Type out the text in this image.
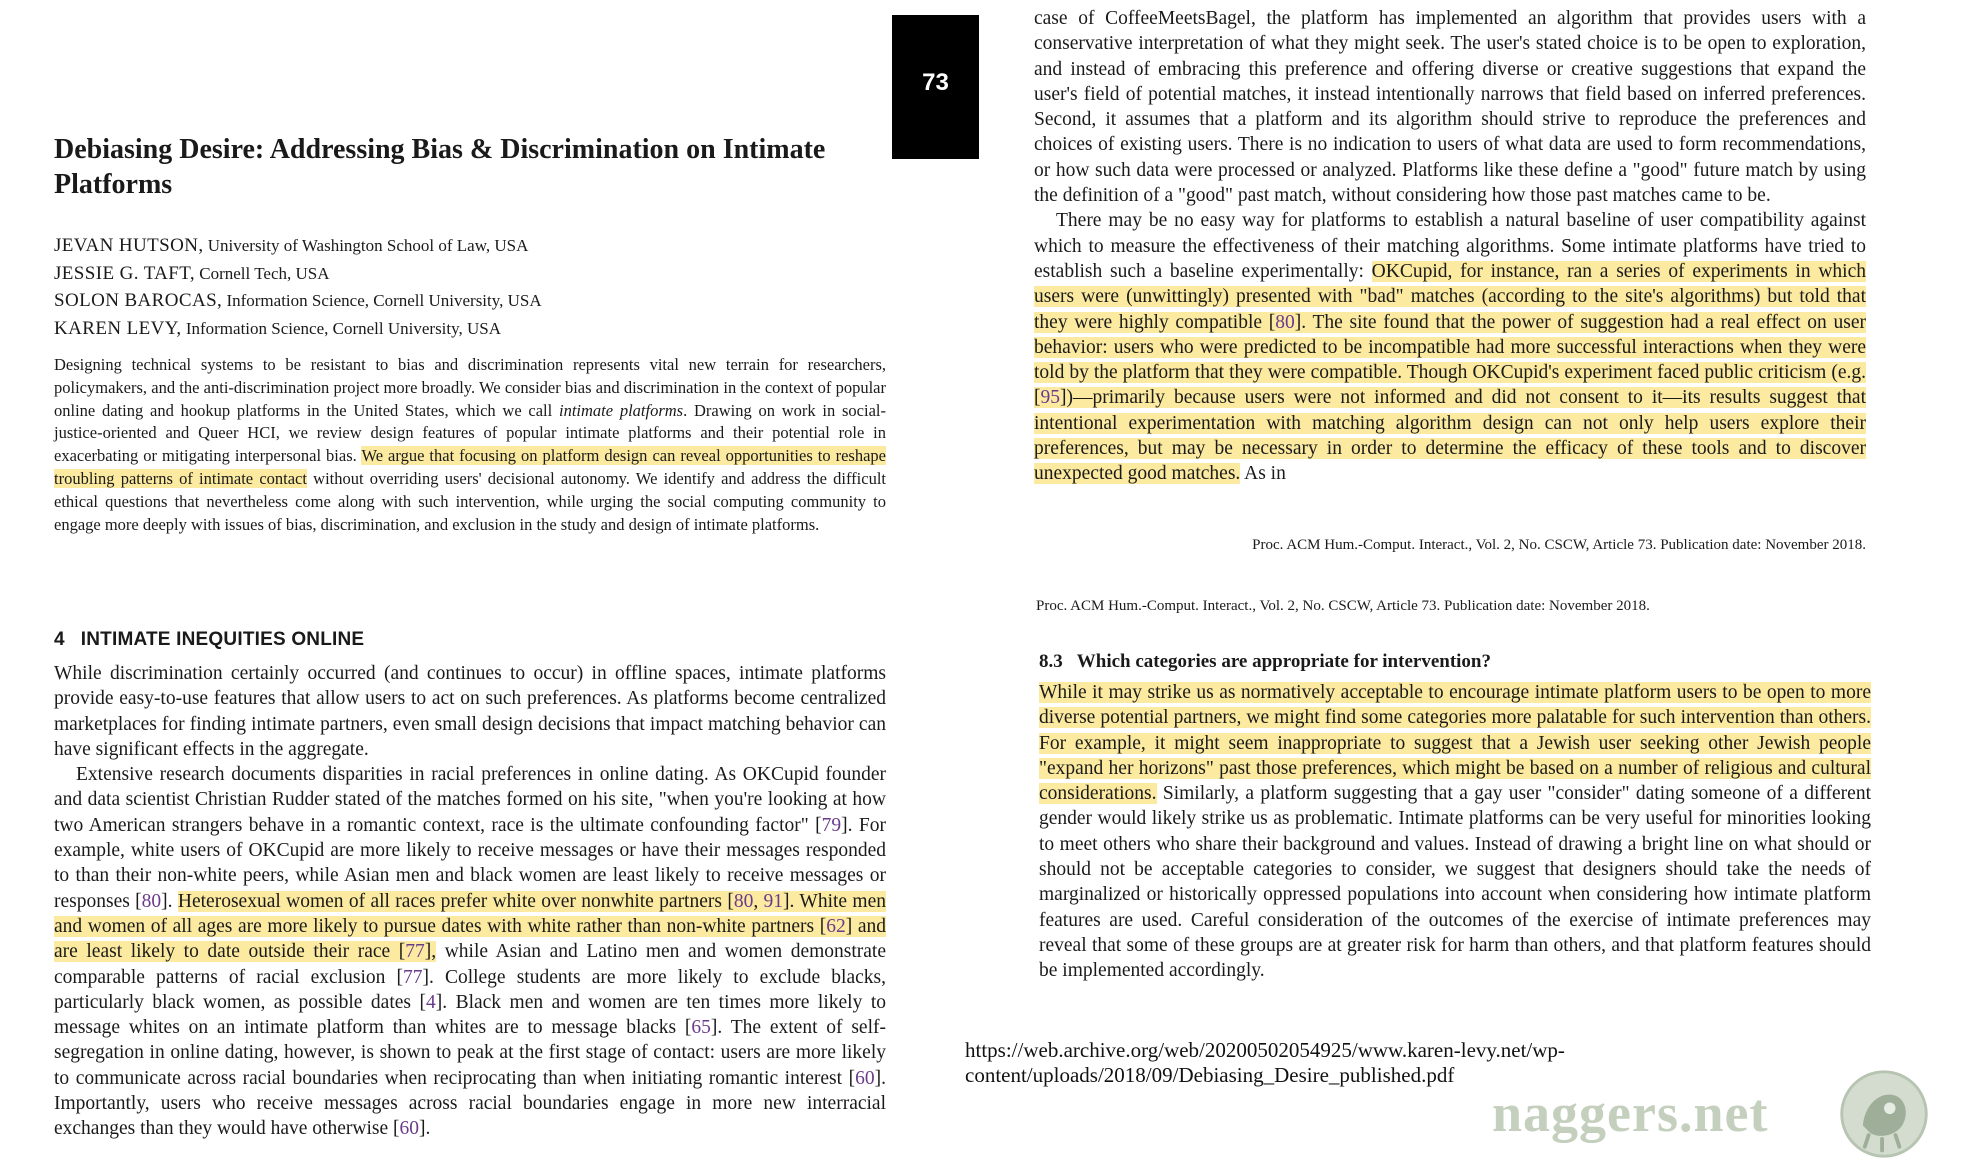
73
Debiasing Desire: Addressing Bias & Discrimination on Intimate Platforms
JEVAN HUTSON, University of Washington School of Law, USA
JESSIE G. TAFT, Cornell Tech, USA
SOLON BAROCAS, Information Science, Cornell University, USA
KAREN LEVY, Information Science, Cornell University, USA
Designing technical systems to be resistant to bias and discrimination represents vital new terrain for researchers, policymakers, and the anti-discrimination project more broadly. We consider bias and discrimination in the context of popular online dating and hookup platforms in the United States, which we call intimate platforms. Drawing on work in social-justice-oriented and Queer HCI, we review design features of popular intimate platforms and their potential role in exacerbating or mitigating interpersonal bias. We argue that focusing on platform design can reveal opportunities to reshape troubling patterns of intimate contact without overriding users' decisional autonomy. We identify and address the difficult ethical questions that nevertheless come along with such intervention, while urging the social computing community to engage more deeply with issues of bias, discrimination, and exclusion in the study and design of intimate platforms.
4 INTIMATE INEQUITIES ONLINE
While discrimination certainly occurred (and continues to occur) in offline spaces, intimate platforms provide easy-to-use features that allow users to act on such preferences. As platforms become centralized marketplaces for finding intimate partners, even small design decisions that impact matching behavior can have significant effects in the aggregate.
Extensive research documents disparities in racial preferences in online dating. As OKCupid founder and data scientist Christian Rudder stated of the matches formed on his site, "when you're looking at how two American strangers behave in a romantic context, race is the ultimate confounding factor" [79]. For example, white users of OKCupid are more likely to receive messages or have their messages responded to than their non-white peers, while Asian men and black women are least likely to receive messages or responses [80]. Heterosexual women of all races prefer white over nonwhite partners [80, 91]. White men and women of all ages are more likely to pursue dates with white rather than non-white partners [62] and are least likely to date outside their race [77], while Asian and Latino men and women demonstrate comparable patterns of racial exclusion [77]. College students are more likely to exclude blacks, particularly black women, as possible dates [4]. Black men and women are ten times more likely to message whites on an intimate platform than whites are to message blacks [65]. The extent of self-segregation in online dating, however, is shown to peak at the first stage of contact: users are more likely to communicate across racial boundaries when reciprocating than when initiating romantic interest [60]. Importantly, users who receive messages across racial boundaries engage in more new interracial exchanges than they would have otherwise [60].
case of CoffeeMeetsBagel, the platform has implemented an algorithm that provides users with a conservative interpretation of what they might seek. The user's stated choice is to be open to exploration, and instead of embracing this preference and offering diverse or creative suggestions that expand the user's field of potential matches, it instead intentionally narrows that field based on inferred preferences. Second, it assumes that a platform and its algorithm should strive to reproduce the preferences and choices of existing users. There is no indication to users of what data are used to form recommendations, or how such data were processed or analyzed. Platforms like these define a "good" future match by using the definition of a "good" past match, without considering how those past matches came to be.
There may be no easy way for platforms to establish a natural baseline of user compatibility against which to measure the effectiveness of their matching algorithms. Some intimate platforms have tried to establish such a baseline experimentally: OKCupid, for instance, ran a series of experiments in which users were (unwittingly) presented with "bad" matches (according to the site's algorithms) but told that they were highly compatible [80]. The site found that the power of suggestion had a real effect on user behavior: users who were predicted to be incompatible had more successful interactions when they were told by the platform that they were compatible. Though OKCupid's experiment faced public criticism (e.g. [95])—primarily because users were not informed and did not consent to it—its results suggest that intentional experimentation with matching algorithm design can not only help users explore their preferences, but may be necessary in order to determine the efficacy of these tools and to discover unexpected good matches. As in
Proc. ACM Hum.-Comput. Interact., Vol. 2, No. CSCW, Article 73. Publication date: November 2018.
Proc. ACM Hum.-Comput. Interact., Vol. 2, No. CSCW, Article 73. Publication date: November 2018.
8.3 Which categories are appropriate for intervention?
While it may strike us as normatively acceptable to encourage intimate platform users to be open to more diverse potential partners, we might find some categories more palatable for such intervention than others. For example, it might seem inappropriate to suggest that a Jewish user seeking other Jewish people "expand her horizons" past those preferences, which might be based on a number of religious and cultural considerations. Similarly, a platform suggesting that a gay user "consider" dating someone of a different gender would likely strike us as problematic. Intimate platforms can be very useful for minorities looking to meet others who share their background and values. Instead of drawing a bright line on what should or should not be acceptable categories to consider, we suggest that designers should take the needs of marginalized or historically oppressed populations into account when considering how intimate platform features are used. Careful consideration of the outcomes of the exercise of intimate preferences may reveal that some of these groups are at greater risk for harm than others, and that platform features should be implemented accordingly.
https://web.archive.org/web/20200502054925/www.karen-levy.net/wp-content/uploads/2018/09/Debiasing_Desire_published.pdf
naggers.net
